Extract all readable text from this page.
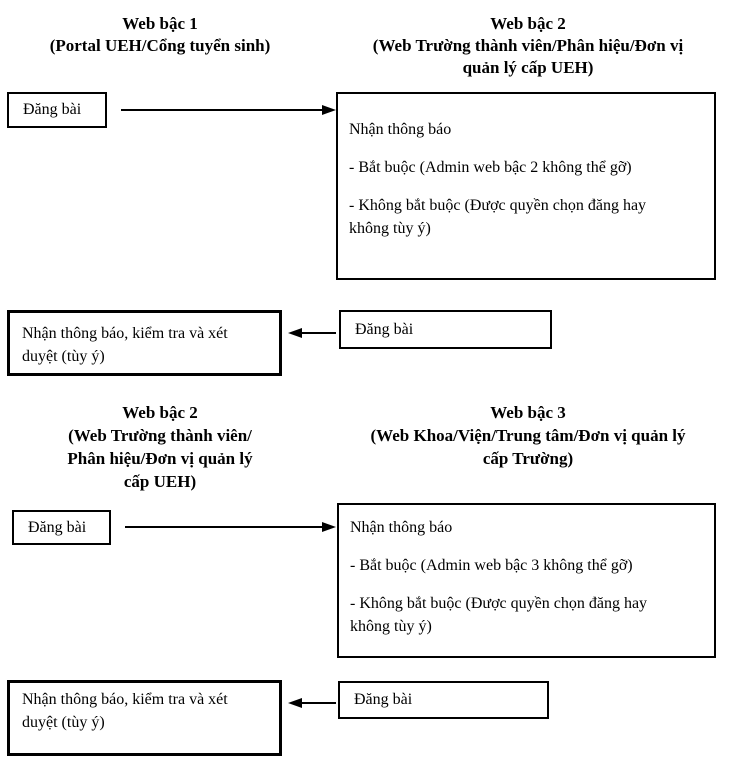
Web bậc 1
(Portal UEH/Cổng tuyển sinh)
Web bậc 2
(Web Trường thành viên/Phân hiệu/Đơn vị
quản lý cấp UEH)
Đăng bài
Nhận thông báo
- Bắt buộc (Admin web bậc 2 không thể gỡ)
- Không bắt buộc (Được quyền chọn đăng hay
không tùy ý)
Nhận thông báo, kiểm tra và xét
duyệt (tùy ý)
Đăng bài
Web bậc 2
(Web Trường thành viên/
Phân hiệu/Đơn vị quản lý
cấp UEH)
Web bậc 3
(Web Khoa/Viện/Trung tâm/Đơn vị quản lý
cấp Trường)
Đăng bài	Nhận thông báo
- Bắt buộc (Admin web bậc 3 không thể gỡ)
- Không bắt buộc (Được quyền chọn đăng hay
không tùy ý)
Nhận thông báo, kiểm tra và xét
duyệt (tùy ý)
Đăng bài
